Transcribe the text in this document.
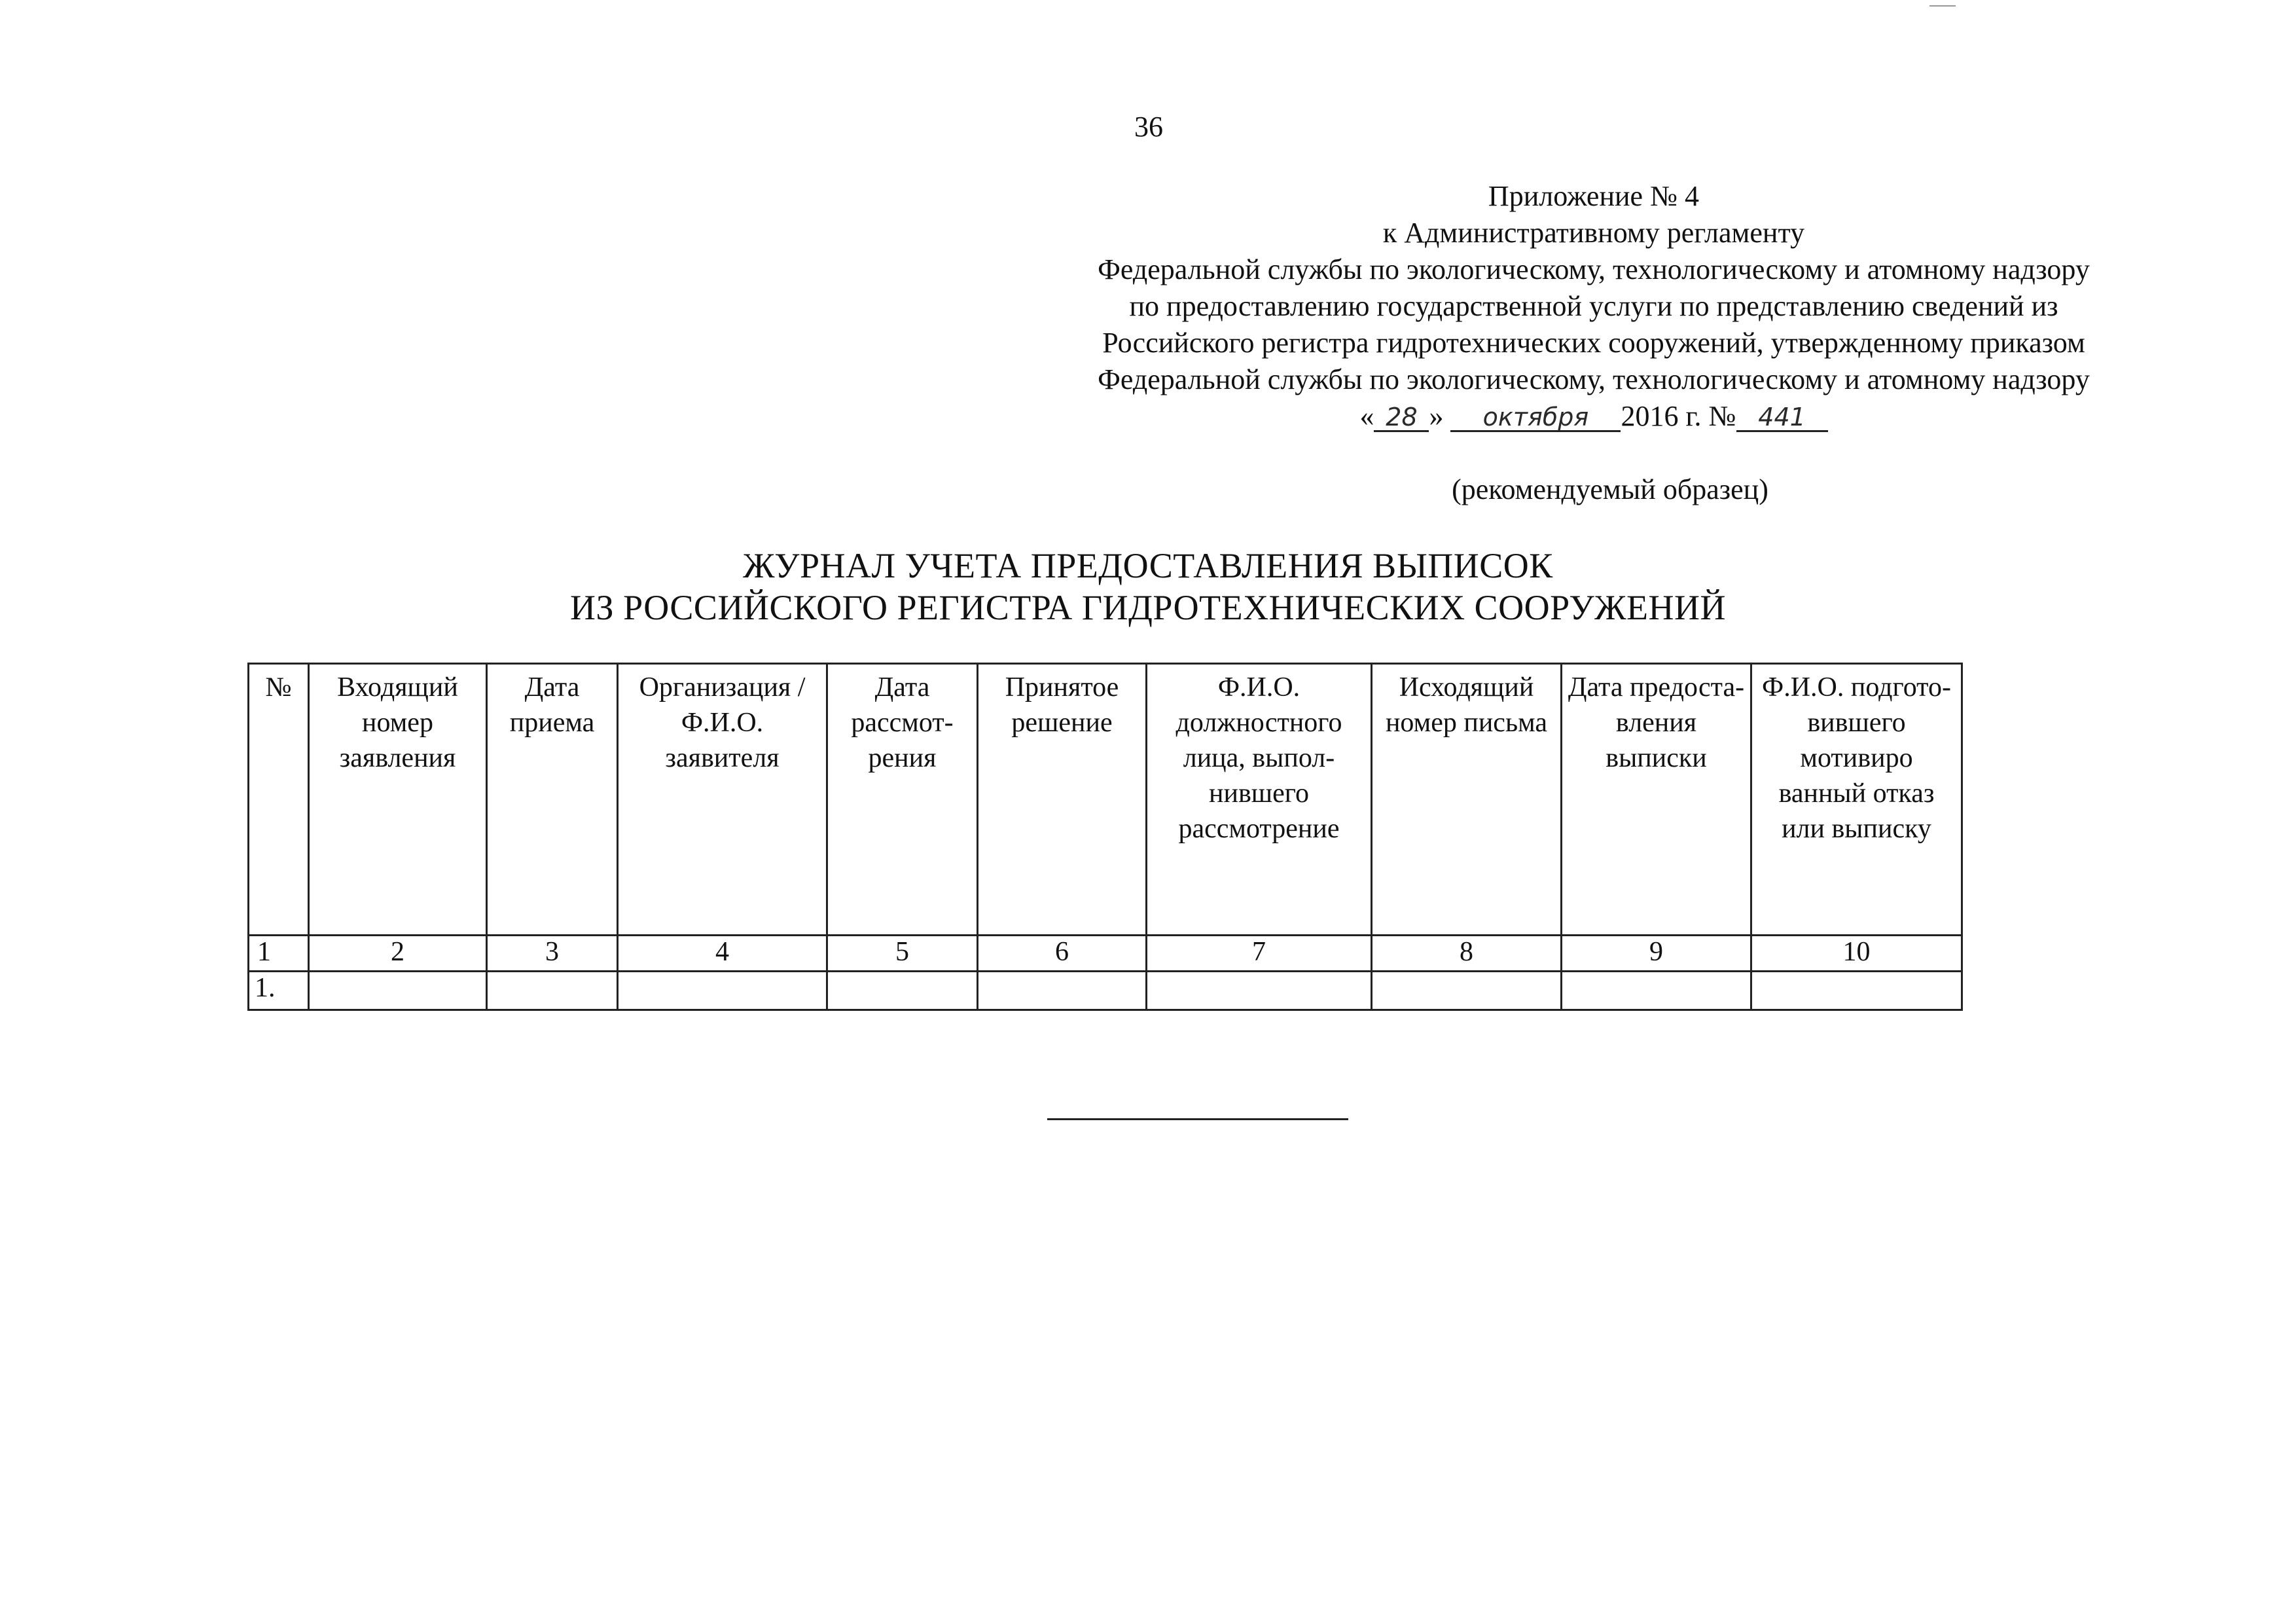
36
Приложение № 4
к Административному регламенту
Федеральной службы по экологическому, технологическому и атомному надзору
по предоставлению государственной услуги по представлению сведений из
Российского регистра гидротехнических сооружений, утвержденному приказом
Федеральной службы по экологическому, технологическому и атомному надзору
« 28 » октября 2016 г. № 441
(рекомендуемый образец)
ЖУРНАЛ УЧЕТА ПРЕДОСТАВЛЕНИЯ ВЫПИСОК
ИЗ РОССИЙСКОГО РЕГИСТРА ГИДРОТЕХНИЧЕСКИХ СООРУЖЕНИЙ
№	Входящий номер заявления	Дата приема	Организация /Ф.И.О. заявителя	Дата рассмот-рения	Принятое решение	Ф.И.О. должностного лица, выпол-нившего рассмотрение	Исходящий номер письма	Дата предоста-вления выписки	Ф.И.О. подгото-вившего мотивиро ванный отказ или выписку
1	2	3	4	5	6	7	8	9	10
1.									
